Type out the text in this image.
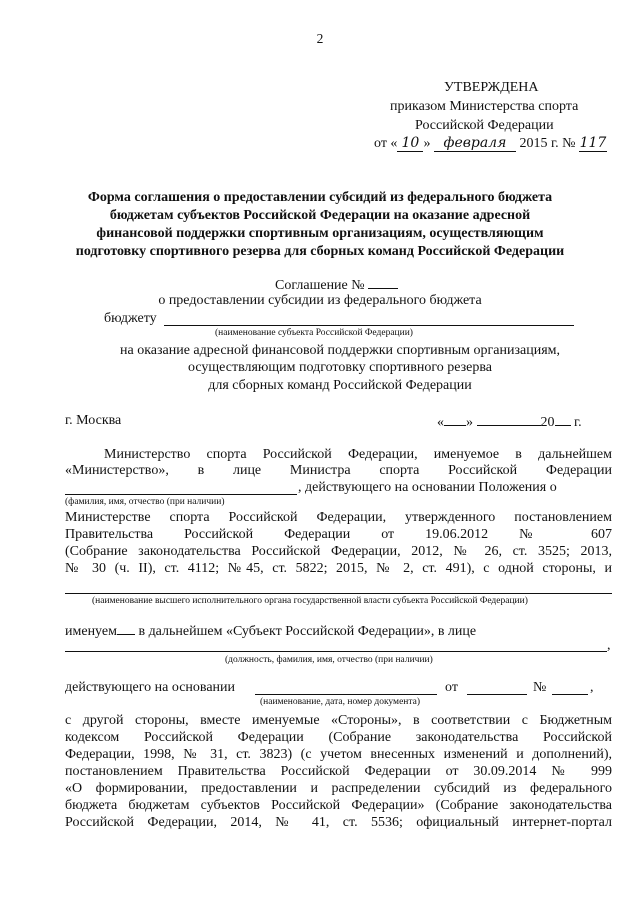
2
УТВЕРЖДЕНА
приказом Министерства спорта
Российской Федерации
от « 10 » февраля 2015 г. № 117
Форма соглашения о предоставлении субсидий из федерального бюджета
бюджетам субъектов Российской Федерации на оказание адресной
финансовой поддержки спортивным организациям, осуществляющим
подготовку спортивного резерва для сборных команд Российской Федерации
Соглашение №
о предоставлении субсидии из федерального бюджета
бюджету
(наименование субъекта Российской Федерации)
на оказание адресной финансовой поддержки спортивным организациям,
осуществляющим подготовку спортивного резерва
для сборных команд Российской Федерации
г. Москва	« »	20 г.
Министерство спорта Российской Федерации, именуемое в дальнейшем
«Министерство», в лице Министра спорта Российской Федерации
, действующего на основании Положения о
(фамилия, имя, отчество (при наличии)
Министерстве спорта Российской Федерации, утвержденного постановлением
Правительства Российской Федерации от 19.06.2012 № 607
(Собрание законодательства Российской Федерации, 2012, № 26, ст. 3525; 2013,
№ 30 (ч. II), ст. 4112; №45, ст. 5822; 2015, № 2, ст. 491), с одной стороны, и
(наименование высшего исполнительного органа государственной власти субъекта Российской Федерации)
именуем в дальнейшем «Субъект Российской Федерации», в лице
,
(должность, фамилия, имя, отчество (при наличии)
действующего на основании	от	№	,
(наименование, дата, номер документа)
с другой стороны, вместе именуемые «Стороны», в соответствии с Бюджетным
кодексом Российской Федерации (Собрание законодательства Российской
Федерации, 1998, № 31, ст. 3823) (с учетом внесенных изменений и дополнений),
постановлением Правительства Российской Федерации от 30.09.2014 № 999
«О формировании, предоставлении и распределении субсидий из федерального
бюджета бюджетам субъектов Российской Федерации» (Собрание законодательства
Российской Федерации, 2014, № 41, ст. 5536; официальный интернет-портал
